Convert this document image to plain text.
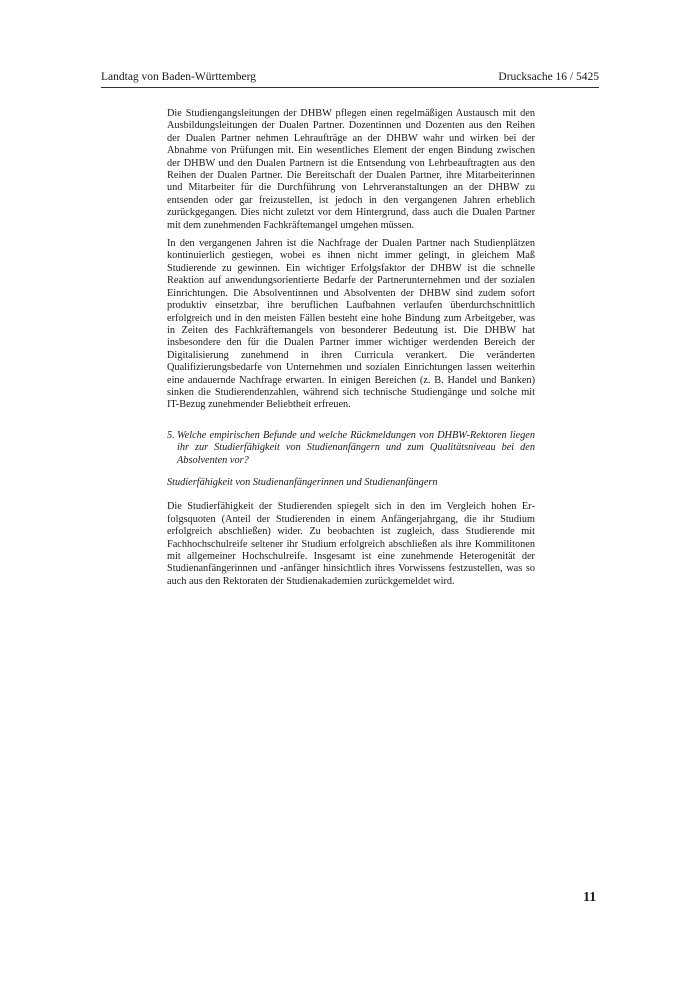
Landtag von Baden-Württemberg	Drucksache 16 / 5425

Die Studiengangsleitungen der DHBW pflegen einen regelmäßigen Austausch mit den Ausbildungsleitungen der Dualen Partner. Dozentinnen und Dozenten aus den Reihen der Dualen Partner nehmen Lehraufträge an der DHBW wahr und wirken bei der Abnahme von Prüfungen mit. Ein wesentliches Element der engen Bindung zwischen der DHBW und den Dualen Partnern ist die Entsendung von Lehrbeauftragten aus den Reihen der Dualen Partner. Die Bereitschaft der Dualen Partner, ihre Mitarbeiterinnen und Mitarbeiter für die Durchführung von Lehrveranstaltungen an der DHBW zu entsenden oder gar freizustellen, ist jedoch in den vergangenen Jahren erheblich zurückgegangen. Dies nicht zuletzt vor dem Hintergrund, dass auch die Dualen Partner mit dem zunehmenden Fachkräftemangel umgehen müssen.

In den vergangenen Jahren ist die Nachfrage der Dualen Partner nach Studienplätzen kontinuierlich gestiegen, wobei es ihnen nicht immer gelingt, in gleichem Maß Studierende zu gewinnen. Ein wichtiger Erfolgsfaktor der DHBW ist die schnelle Reaktion auf anwendungsorientierte Bedarfe der Partnerunternehmen und der sozialen Einrichtungen. Die Absolventinnen und Absolventen der DHBW sind zudem sofort produktiv einsetzbar, ihre beruflichen Laufbahnen verlaufen überdurchschnittlich erfolgreich und in den meisten Fällen besteht eine hohe Bindung zum Arbeitgeber, was in Zeiten des Fachkräftemangels von besonderer Bedeutung ist. Die DHBW hat insbesondere den für die Dualen Partner immer wichtiger werdenden Bereich der Digitalisierung zunehmend in ihren Curricula verankert. Die veränderten Qualifizierungsbedarfe von Unternehmen und sozialen Einrichtungen lassen weiterhin eine andauernde Nachfrage erwarten. In einigen Bereichen (z. B. Handel und Banken) sinken die Studierendenzahlen, während sich technische Studiengänge und solche mit IT-Bezug zunehmender Beliebtheit erfreuen.

5. Welche empirischen Befunde und welche Rückmeldungen von DHBW-Rektoren liegen ihr zur Studierfähigkeit von Studienanfängern und zum Qualitätsniveau bei den Absolventen vor?
Studierfähigkeit von Studienanfängerinnen und Studienanfängern

Die Studierfähigkeit der Studierenden spiegelt sich in den im Vergleich hohen Erfolgsquoten (Anteil der Studierenden in einem Anfängerjahrgang, die ihr Studium erfolgreich abschließen) wider. Zu beobachten ist zugleich, dass Studierende mit Fachhochschulreife seltener ihr Studium erfolgreich abschließen als ihre Kommilitonen mit allgemeiner Hochschulreife. Insgesamt ist eine zunehmende Heterogenität der Studienanfängerinnen und -anfänger hinsichtlich ihres Vorwissens festzustellen, was so auch aus den Rektoraten der Studienakademien zurückgemeldet wird.

11
